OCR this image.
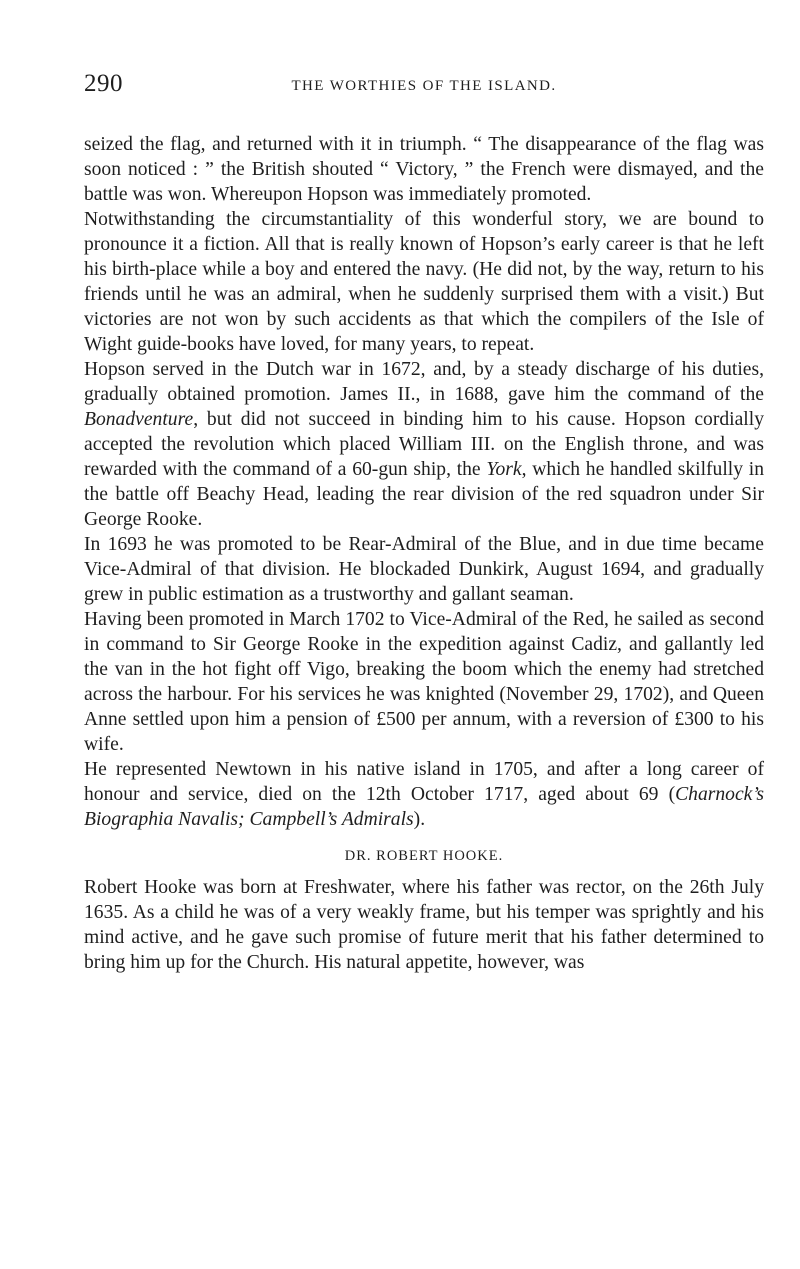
290	THE WORTHIES OF THE ISLAND.

seized the flag, and returned with it in triumph. “ The disappearance of the flag was soon noticed : ” the British shouted “ Victory, ” the French were dismayed, and the battle was won. Whereupon Hopson was immediately promoted.

Notwithstanding the circumstantiality of this wonderful story, we are bound to pronounce it a fiction. All that is really known of Hopson’s early career is that he left his birth-place while a boy and entered the navy. (He did not, by the way, return to his friends until he was an admiral, when he suddenly surprised them with a visit.) But victories are not won by such accidents as that which the compilers of the Isle of Wight guide-books have loved, for many years, to repeat.

Hopson served in the Dutch war in 1672, and, by a steady discharge of his duties, gradually obtained promotion. James II., in 1688, gave him the command of the Bonadventure, but did not succeed in binding him to his cause. Hopson cordially accepted the revolution which placed William III. on the English throne, and was rewarded with the command of a 60-gun ship, the York, which he handled skilfully in the battle off Beachy Head, leading the rear division of the red squadron under Sir George Rooke.

In 1693 he was promoted to be Rear-Admiral of the Blue, and in due time became Vice-Admiral of that division. He blockaded Dunkirk, August 1694, and gradually grew in public estimation as a trustworthy and gallant seaman.

Having been promoted in March 1702 to Vice-Admiral of the Red, he sailed as second in command to Sir George Rooke in the expedition against Cadiz, and gallantly led the van in the hot fight off Vigo, breaking the boom which the enemy had stretched across the harbour. For his services he was knighted (November 29, 1702), and Queen Anne settled upon him a pension of £500 per annum, with a reversion of £300 to his wife.

He represented Newtown in his native island in 1705, and after a long career of honour and service, died on the 12th October 1717, aged about 69 (Charnock’s Biographia Navalis; Campbell’s Admirals).

DR. ROBERT HOOKE.

Robert Hooke was born at Freshwater, where his father was rector, on the 26th July 1635. As a child he was of a very weakly frame, but his temper was sprightly and his mind active, and he gave such promise of future merit that his father determined to bring him up for the Church. His natural appetite, however, was
